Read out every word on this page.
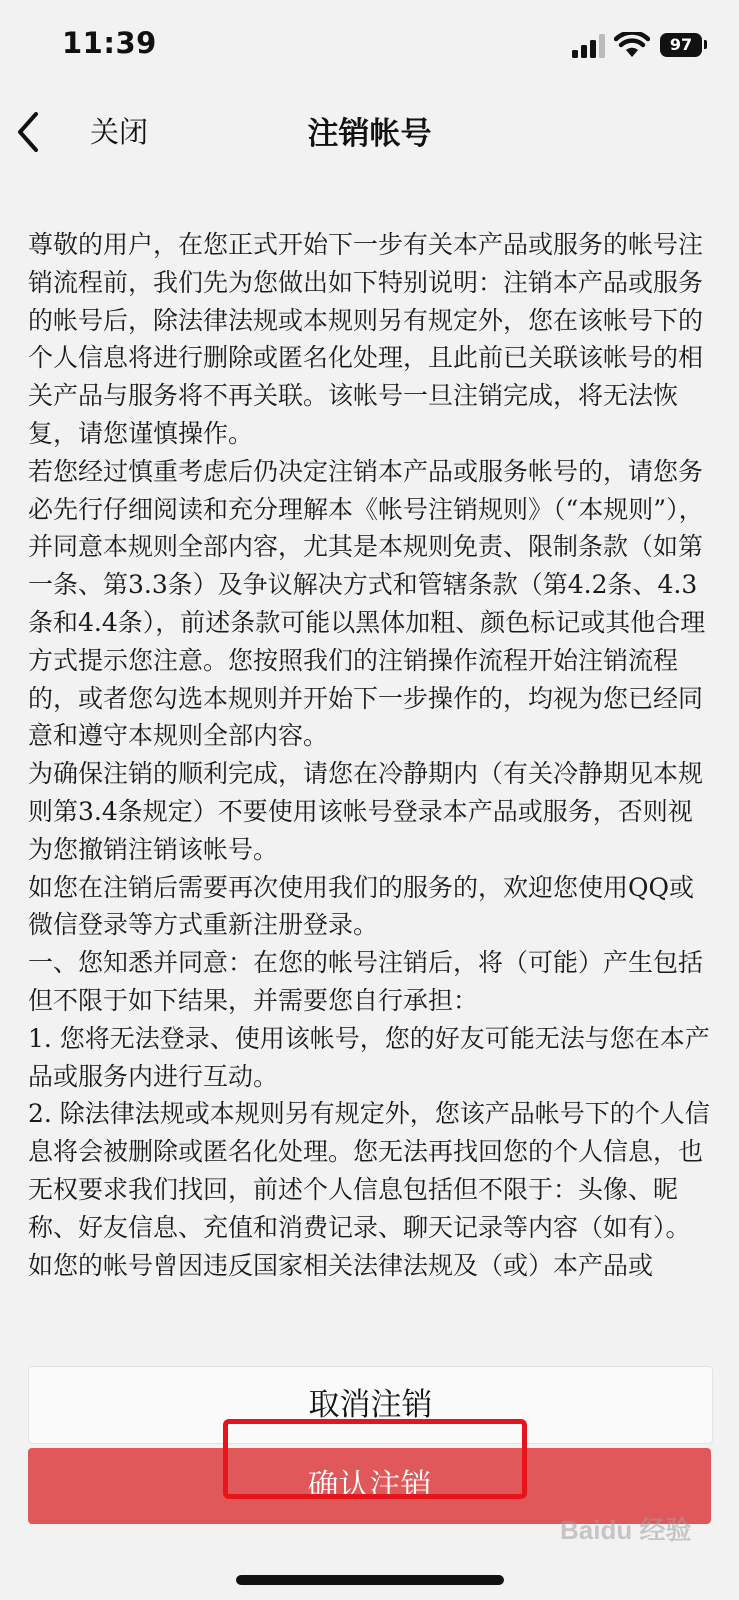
11:39	97
关闭	注销帐号

尊敬的用户，在您正式开始下一步有关本产品或服务的帐号注销流程前，我们先为您做出如下特别说明：注销本产品或服务的帐号后，除法律法规或本规则另有规定外，您在该帐号下的个人信息将进行删除或匿名化处理，且此前已关联该帐号的相关产品与服务将不再关联。该帐号一旦注销完成，将无法恢复，请您谨慎操作。

若您经过慎重考虑后仍决定注销本产品或服务帐号的，请您务必先行仔细阅读和充分理解本《帐号注销规则》（“本规则”），并同意本规则全部内容，尤其是本规则免责、限制条款（如第一条、第3.3条）及争议解决方式和管辖条款（第4.2条、4.3条和4.4条），前述条款可能以黑体加粗、颜色标记或其他合理方式提示您注意。您按照我们的注销操作流程开始注销流程的，或者您勾选本规则并开始下一步操作的，均视为您已经同意和遵守本规则全部内容。

为确保注销的顺利完成，请您在冷静期内（有关冷静期见本规则第3.4条规定）不要使用该帐号登录本产品或服务，否则视为您撤销注销该帐号。

如您在注销后需要再次使用我们的服务的，欢迎您使用QQ或微信登录等方式重新注册登录。

一、您知悉并同意：在您的帐号注销后，将（可能）产生包括但不限于如下结果，并需要您自行承担：

1. 您将无法登录、使用该帐号，您的好友可能无法与您在本产品或服务内进行互动。

2. 除法律法规或本规则另有规定外，您该产品帐号下的个人信息将会被删除或匿名化处理。您无法再找回您的个人信息，也无权要求我们找回，前述个人信息包括但不限于：头像、昵称、好友信息、充值和消费记录、聊天记录等内容（如有）。

如您的帐号曾因违反国家相关法律法规及（或）本产品或

取消注销
确认注销
Baidu 经验
